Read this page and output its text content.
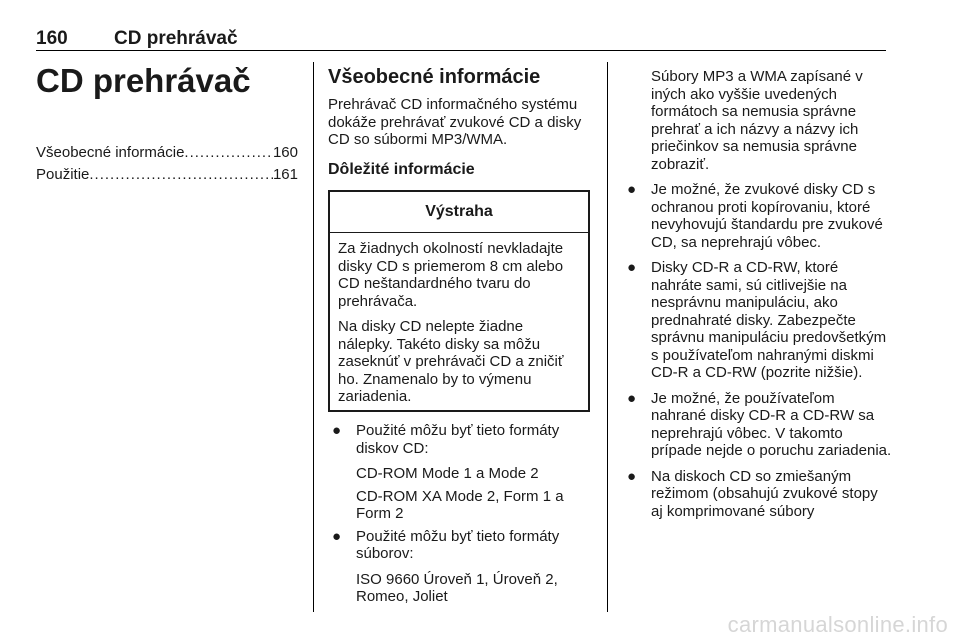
160 CD prehrávač
CD prehrávač
Všeobecné informácie .....	160
Použitie .....	161
Všeobecné informácie

Prehrávač CD informačného systému dokáže prehrávať zvukové CD a disky CD so súbormi MP3/WMA.

Dôležité informácie
Výstraha

Za žiadnych okolností nevkladajte disky CD s priemerom 8 cm alebo CD neštandardného tvaru do prehrávača.

Na disky CD nelepte žiadne nálepky. Takéto disky sa môžu zaseknúť v prehrávači CD a zničiť ho. Znamenalo by to výmenu zariadenia.

● Použité môžu byť tieto formáty diskov CD:

CD-ROM Mode 1 a Mode 2

CD-ROM XA Mode 2, Form 1 a Form 2

● Použité môžu byť tieto formáty súborov:

ISO 9660 Úroveň 1, Úroveň 2, Romeo, Joliet

Súbory MP3 a WMA zapísané v iných ako vyššie uvedených formátoch sa nemusia správne prehrať a ich názvy a názvy ich priečinkov sa nemusia správne zobraziť.

● Je možné, že zvukové disky CD s ochranou proti kopírovaniu, ktoré nevyhovujú štandardu pre zvukové CD, sa neprehrajú vôbec.

● Disky CD-R a CD-RW, ktoré nahráte sami, sú citlivejšie na nesprávnu manipuláciu, ako prednahraté disky. Zabezpečte správnu manipuláciu predovšetkým s používateľom nahranými diskmi CD-R a CD-RW (pozrite nižšie).

● Je možné, že používateľom nahrané disky CD-R a CD-RW sa neprehrajú vôbec. V takomto prípade nejde o poruchu zariadenia.

● Na diskoch CD so zmiešaným režimom (obsahujú zvukové stopy aj komprimované súbory

carmanualsonline.info
